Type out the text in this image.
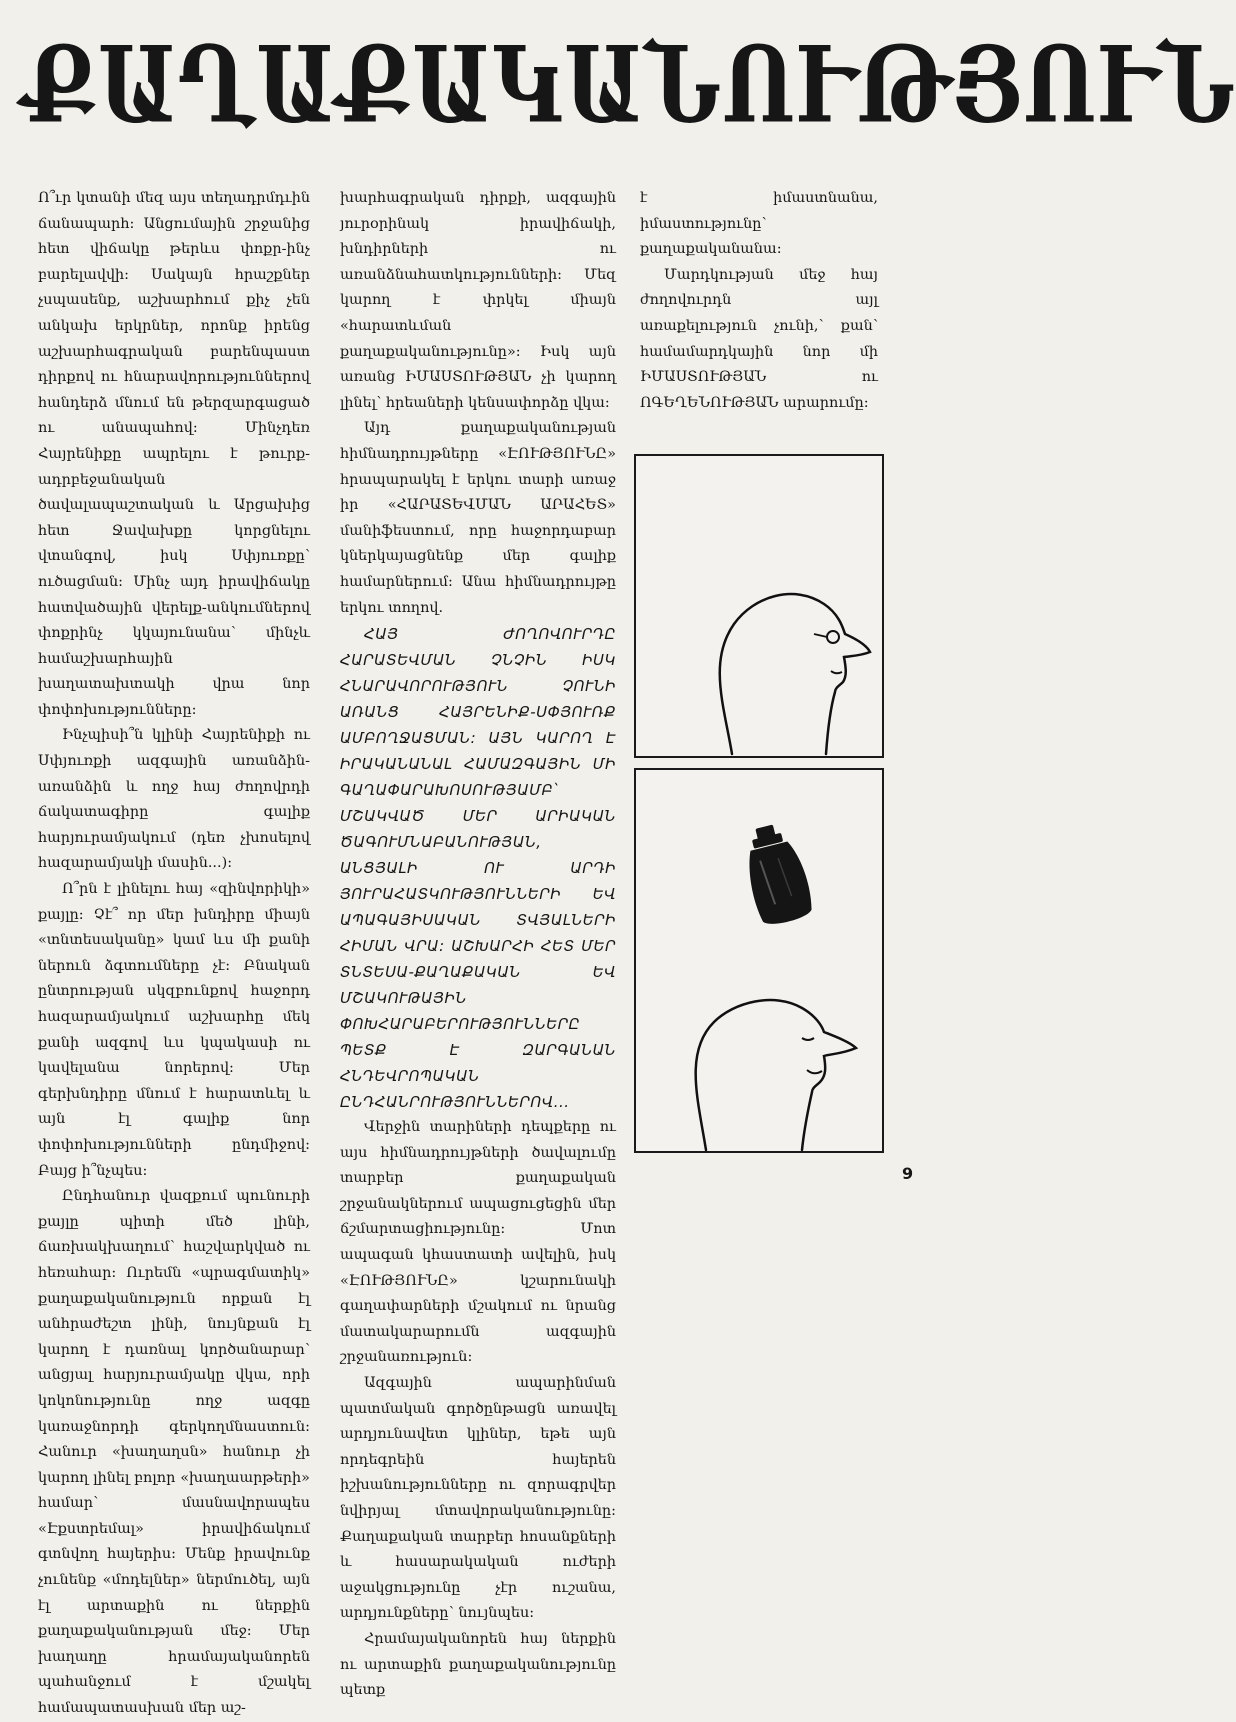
ՔԱՂԱՔԱԿԱՆՈՒԹՅՈՒՆ

Ո՞ւր կտանի մեզ այս տեղադրմդւին ճանապարհ: Անցումային շրջանից հետ վիճակը թերևս փոքր-ինչ բարելավվի: Սակայն հրաշքներ չսպասենք, աշխարհում քիչ չեն անկախ երկրներ, որոնք իրենց աշխարհագրական բարենպաստ դիրքով ու հնարավորություններով հանդերձ մնում են թերզարգացած ու անապահով: Մինչդեռ Հայրենիքը ապրելու է թուրք-ադրբեջանական ծավալապաշտական և Արցախից հետ Ջավախքը կորցնելու վտանգով, իսկ Սփյուռքը՝ ուծացման: Մինչ այդ իրավիճակը հատվածային վերելք-անկումներով փոքրինչ կկայունանա՝ մինչև համաշխարհային խաղատախտակի վրա նոր փոփոխությունները:

Ինչպիսի՞ն կլինի Հայրենիքի ու Սփյուռքի ազգային առանձին-առանձին և ողջ հայ ժողովրդի ճակատագիրը գալիք հարյուրամյակում (դեռ չխոսելով հազարամյակի մասին...):

Ո՞րն է լինելու հայ «զինվորիկի» քայլը: Չէ՞ որ մեր խնդիրը միայն «տնտեսականը» կամ ևս մի քանի ներուն ձգտումները չէ: Բնական ընտրության սկզբունքով հաջորդ հազարամյակում աշխարհը մեկ քանի ազգով ևս կպակասի ու կավելանա նորերով: Մեր գերխնդիրը մնում է հարատևել և այն էլ գալիք նոր փոփոխությունների ընդմիջով: Բայց ի՞նչպես:

Ընդհանուր վազքում պունուրի քայլը պիտի մեծ լինի, ճառխակխաղում՝ հաշվարկված ու հեռահար: Ուրեմն «պրագմատիկ» քաղաքականություն որքան էլ անհրաժեշտ լինի, նույնքան էլ կարող է դառնալ կործանարար՝ անցյալ հարյուրամյակը վկա, որի կոկոնությունը ողջ ազգը կառաջնորդի գերկողմնաստուն: Հանուր «խաղաղսն» հանուր չի կարող լինել բոլոր «խաղաարթերի» համար՝ մասնավորապես «Էքստրեմալ» իրավիճակում գտնվող հայերիս: Մենք իրավունք չունենք «մոդելներ» ներմուծել, այն էլ արտաքին ու ներքին քաղաքականության մեջ: Մեր խաղաղը հրամայականորեն պահանջում է մշակել համապատասխան մեր աշ-

խարհագրական դիրքի, ազգային յուրօրինակ իրավիճակի, խնդիրների ու առանձնահատկությունների: Մեզ կարող է փրկել միայն «հարատևման քաղաքականությունը»: Իսկ այն առանց ԻՄԱՍՏՈՒԹՅԱՆ չի կարող լինել՝ հրեաների կենսափորձը վկա:

Այդ քաղաքականության հիմնադրույթները «ԷՈՒԹՅՈՒՆԸ» հրապարակել է երկու տարի առաջ իր «ՀԱՐԱՏԵՎՄԱՆ ԱՐԱՀԵՏ» մանիֆեստում, որը հաջորդաբար կներկայացնենք մեր գալիք համարներում: Անա հիմնադրույթը երկու տողով.

ՀԱՅ ԺՈՂՈՎՈՒՐԴԸ ՀԱՐԱՏԵՎՄԱՆ ՉՆՉԻՆ ԻՍԿ ՀՆԱՐԱՎՈՐՈՒԹՅՈՒՆ ՉՈՒՆԻ ԱՌԱՆՑ ՀԱՅՐԵՆԻՔ-ՍՓՅՈՒՌՔ ԱՄԲՈՂՋԱՑՄԱՆ: ԱՅՆ ԿԱՐՈՂ Է ԻՐԱԿԱՆԱՆԱԼ ՀԱՄԱԶԳԱՅԻՆ ՄԻ ԳԱՂԱՓԱՐԱԽՈՍՈՒԹՅԱՄԲ՝ ՄՇԱԿՎԱԾ ՄԵՐ ԱՐԻԱԿԱՆ ԾԱԳՈՒՄՆԱԲԱՆՈՒԹՅԱՆ, ԱՆՑՅԱԼԻ ՈՒ ԱՐԴԻ ՅՈՒՐԱՀԱՏԿՈՒԹՅՈՒՆՆԵՐԻ ԵՎ ԱՊԱԳԱՅԻՍԱԿԱՆ ՏՎՅԱԼՆԵՐԻ ՀԻՄԱՆ ՎՐԱ: ԱՇԽԱՐՀԻ ՀԵՏ ՄԵՐ ՏՆՏԵՍԱ-ՔԱՂԱՔԱԿԱՆ ԵՎ ՄՇԱԿՈՒԹԱՅԻՆ ՓՈԽՀԱՐԱԲԵՐՈՒԹՅՈՒՆՆԵՐԸ ՊԵՏՔ Է ԶԱՐԳԱՆԱՆ ՀՆԴԵՎՐՈՊԱԿԱՆ ԸՆԴՀԱՆՐՈՒԹՅՈՒՆՆԵՐՈՎ...

Վերջին տարիների դեպքերը ու այս հիմնադրույթների ծավալումը տարբեր քաղաքական շրջանակներում ապացուցեցին մեր ճշմարտացիությունը: Մոտ ապագան կհաստատի ավելին, իսկ «ԷՈՒԹՅՈՒՆԸ» կշարունակի գաղափարների մշակում ու նրանց մատակարարումն ազգային շրջանառություն:

Ազգային ապարինման պատմական գործընթացն առավել արդյունավետ կլիներ, եթե այն որդեգրեին հայերեն իշխանությունները ու զորագրվեր նվիրյալ մտավորականությունը: Քաղաքական տարբեր հոսանքների և հասարակական ուժերի աջակցությունը չէր ուշանա, արդյունքները՝ նույնպես:

Հրամայականորեն հայ ներքին ու արտաքին քաղաքականությունը պետք

է իմաստնանա, իմաստությունը՝ քաղաքականանա:

Մարդկության մեջ հայ ժողովուրդն այլ առաքելություն չունի,՝ քան՝ համամարդկային նոր մի ԻՄԱՍՏՈՒԹՅԱՆ ու ՈԳԵՂԵՆՈՒԹՅԱՆ արարումը:

9
